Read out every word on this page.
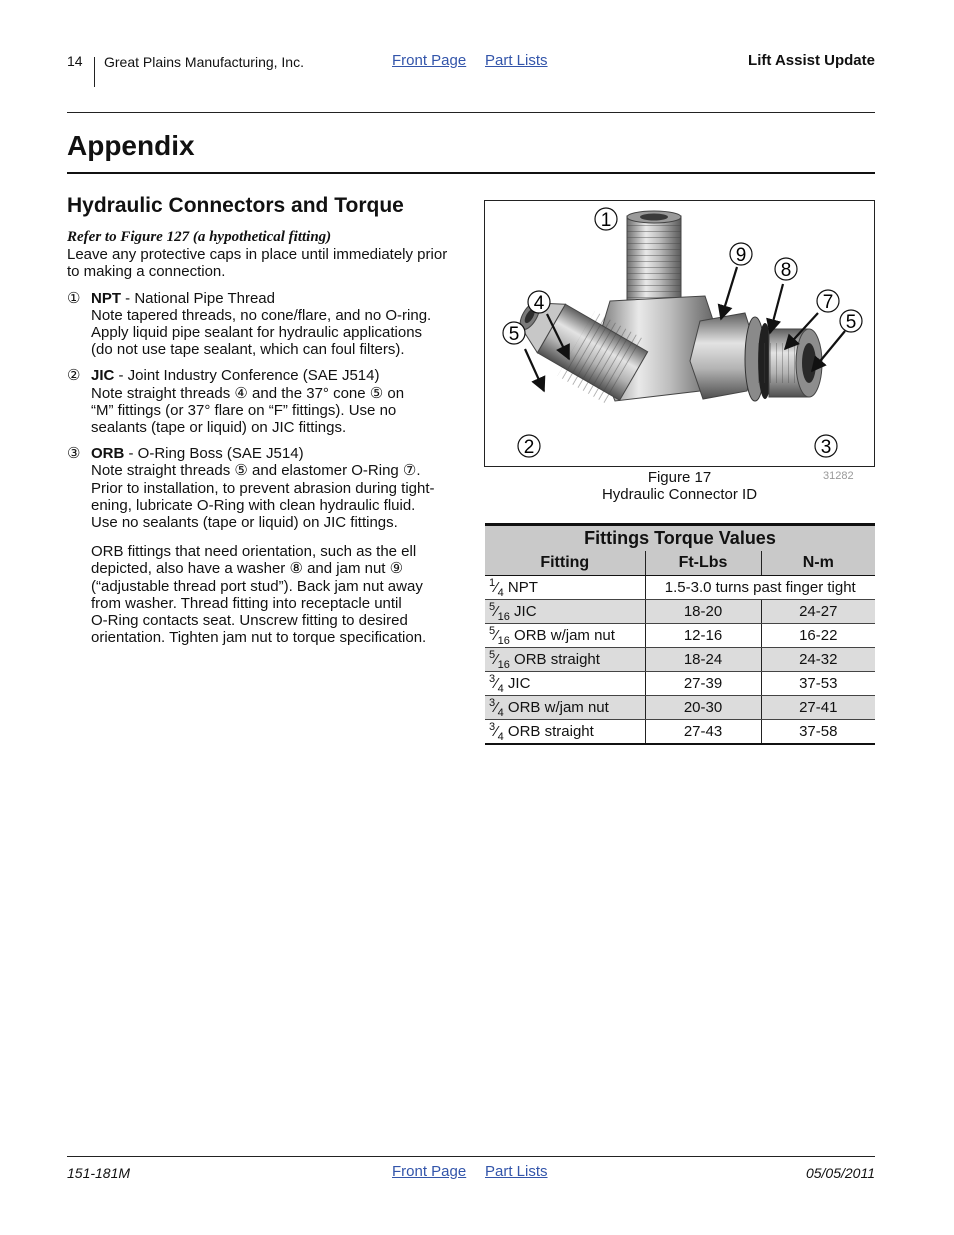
14 Great Plains Manufacturing, Inc.	Front Page Part Lists	Lift Assist Update
Appendix
Hydraulic Connectors and Torque
Refer to Figure 127 (a hypothetical fitting)
Leave any protective caps in place until immediately prior to making a connection.
① NPT - National Pipe Thread
Note tapered threads, no cone/flare, and no O-ring.
Apply liquid pipe sealant for hydraulic applications
(do not use tape sealant, which can foul filters).
② JIC - Joint Industry Conference (SAE J514)
Note straight threads ④ and the 37° cone ⑤ on
“M” fittings (or 37° flare on “F” fittings). Use no
sealants (tape or liquid) on JIC fittings.
③ ORB - O-Ring Boss (SAE J514)
Note straight threads ⑤ and elastomer O-Ring ⑦.
Prior to installation, to prevent abrasion during tight-
ening, lubricate O-Ring with clean hydraulic fluid.
Use no sealants (tape or liquid) on JIC fittings.
ORB fittings that need orientation, such as the ell
depicted, also have a washer ⑧ and jam nut ⑨
(“adjustable thread port stud”). Back jam nut away
from washer. Thread fitting into receptacle until
O-Ring contacts seat. Unscrew fitting to desired
orientation. Tighten jam nut to torque specification.
1
9
8
4	7
5
5
2	3
Figure 17
Hydraulic Connector ID
31282
Fittings Torque Values		
Fitting	Ft-Lbs	N-m
$^1⁄_4$ NPT	1.5-3.0 turns past finger tight	
$^5⁄_{16}$ JIC	18-20	24-27
$^5⁄_{16}$ ORB w/jam nut	12-16	16-22
$^5⁄_{16}$ ORB straight	18-24	24-32
$^3⁄_4$ JIC	27-39	37-53
$^3⁄_4$ ORB w/jam nut	20-30	27-41
$^3⁄_4$ ORB straight	27-43	37-58
151-181M	Front Page Part Lists	05/05/2011
